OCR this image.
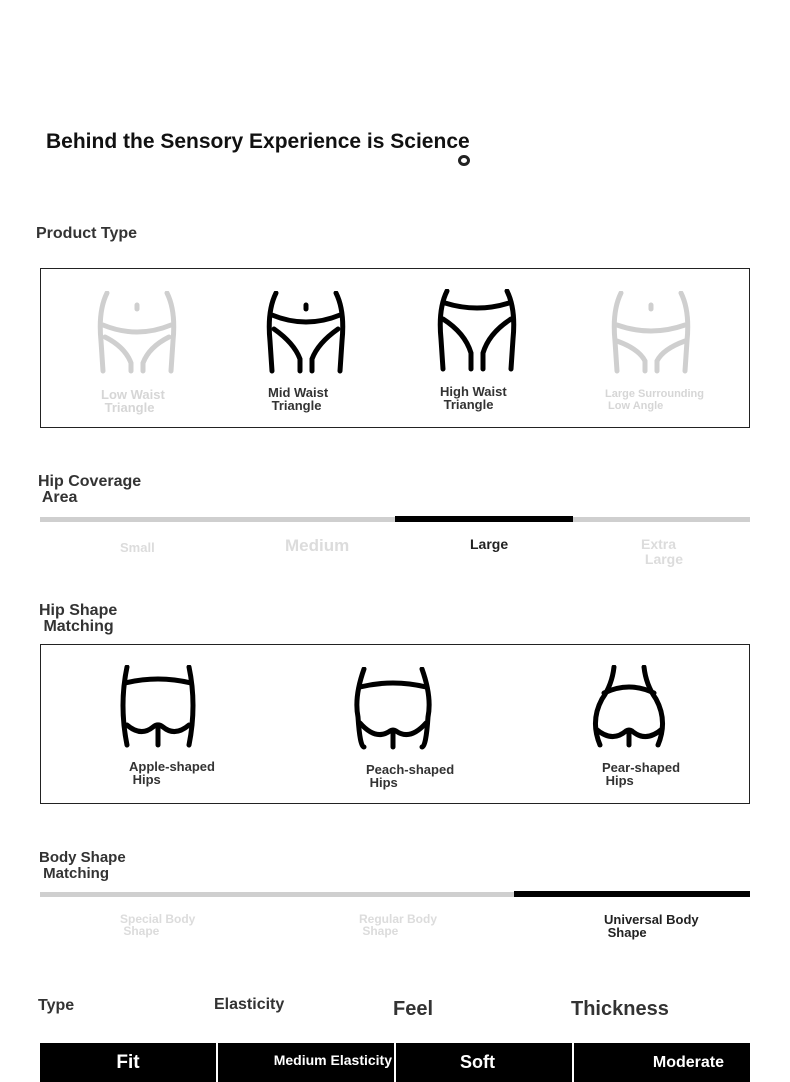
Behind the Sensory Experience is Science
Product Type
Low Waist
Triangle
Mid Waist
Triangle
High Waist
Triangle
Large Surrounding
Low Angle
Hip Coverage
Area
Small	Medium	Large	Extra
Large
Hip Shape
Matching
Apple-shaped
Hips
Peach-shaped
Hips
Pear-shaped
Hips
Body Shape
Matching
Special Body
Shape
Regular Body
Shape
Universal Body
Shape
Type	Elasticity	Feel	Thickness
Fit	Medium Elasticity	Soft	Moderate
